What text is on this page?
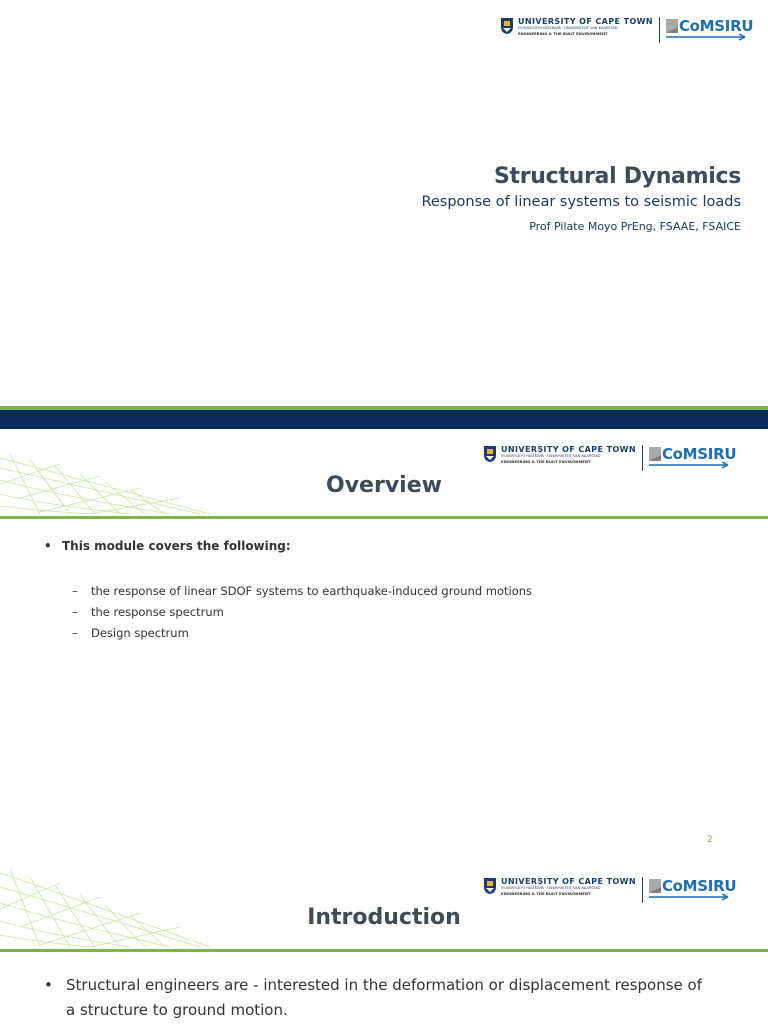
UNIVERSITY OF CAPE TOWN
IYUNIVESITHI YASEKAPA · UNIVERSITEIT VAN KAAPSTAD
ENGINEERING & THE BUILT ENVIRONMENT	CoMSIRU
Structural Dynamics
Response of linear systems to seismic loads
Prof Pilate Moyo PrEng, FSAAE, FSAICE
UNIVERSITY OF CAPE TOWN
IYUNIVESITHI YASEKAPA · UNIVERSITEIT VAN KAAPSTAD
ENGINEERING & THE BUILT ENVIRONMENT	CoMSIRU
Overview
• This module covers the following:
– the response of linear SDOF systems to earthquake-induced ground motions
– the response spectrum
– Design spectrum
2
UNIVERSITY OF CAPE TOWN
IYUNIVESITHI YASEKAPA · UNIVERSITEIT VAN KAAPSTAD
ENGINEERING & THE BUILT ENVIRONMENT	CoMSIRU
Introduction
• Structural engineers are - interested in the deformation or displacement response of
a structure to ground motion.
